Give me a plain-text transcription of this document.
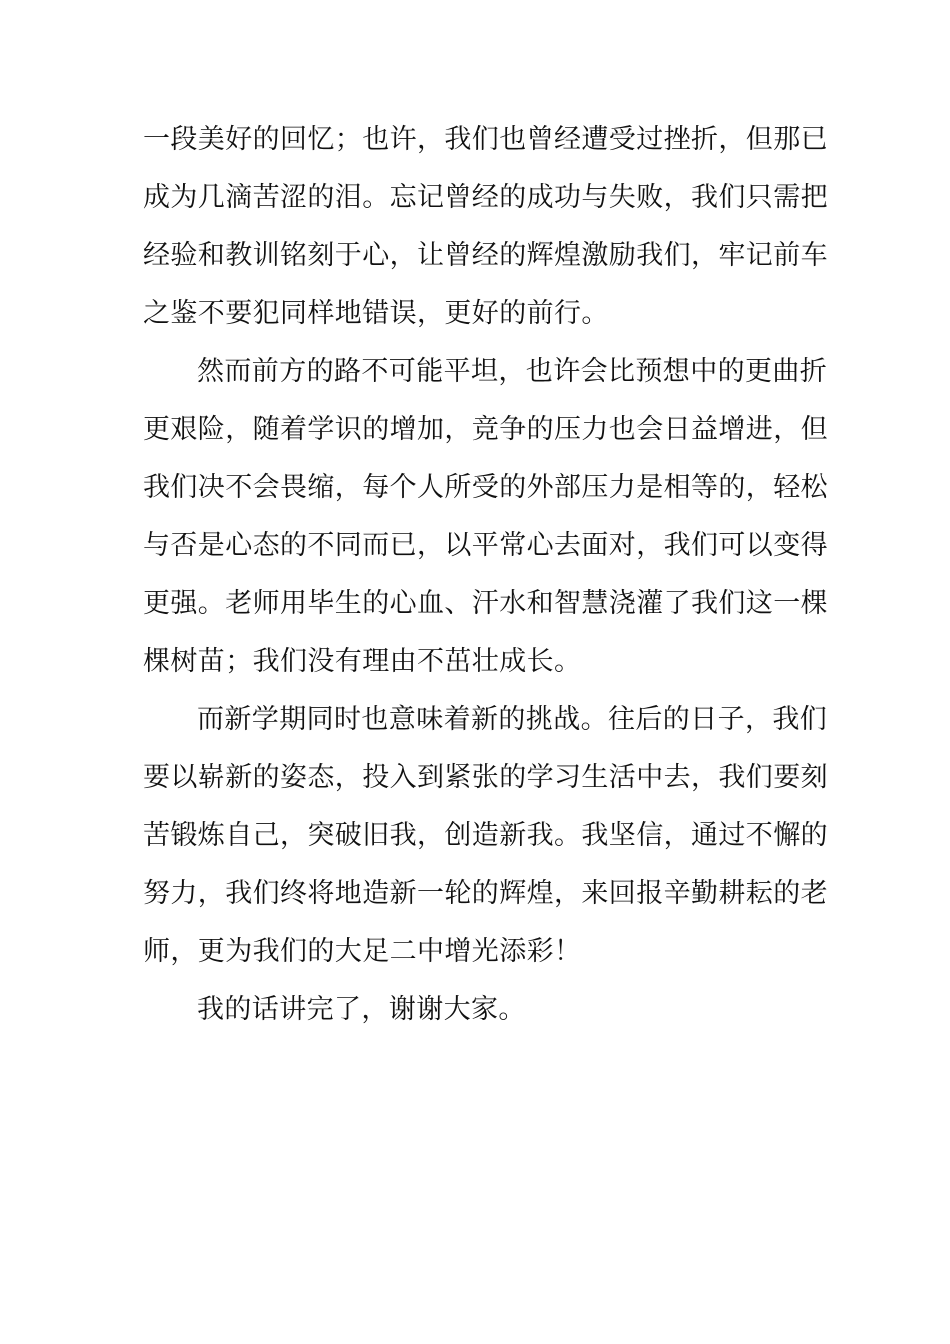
一段美好的回忆；也许，我们也曾经遭受过挫折，但那已
成为几滴苦涩的泪。忘记曾经的成功与失败，我们只需把
经验和教训铭刻于心，让曾经的辉煌激励我们，牢记前车
之鉴不要犯同样地错误，更好的前行。
然而前方的路不可能平坦，也许会比预想中的更曲折
更艰险，随着学识的增加，竞争的压力也会日益增进，但
我们决不会畏缩，每个人所受的外部压力是相等的，轻松
与否是心态的不同而已，以平常心去面对，我们可以变得
更强。老师用毕生的心血、汗水和智慧浇灌了我们这一棵
棵树苗；我们没有理由不茁壮成长。
而新学期同时也意味着新的挑战。往后的日子，我们
要以崭新的姿态，投入到紧张的学习生活中去，我们要刻
苦锻炼自己，突破旧我，创造新我。我坚信，通过不懈的
努力，我们终将地造新一轮的辉煌，来回报辛勤耕耘的老
师，更为我们的大足二中增光添彩！
我的话讲完了，谢谢大家。
